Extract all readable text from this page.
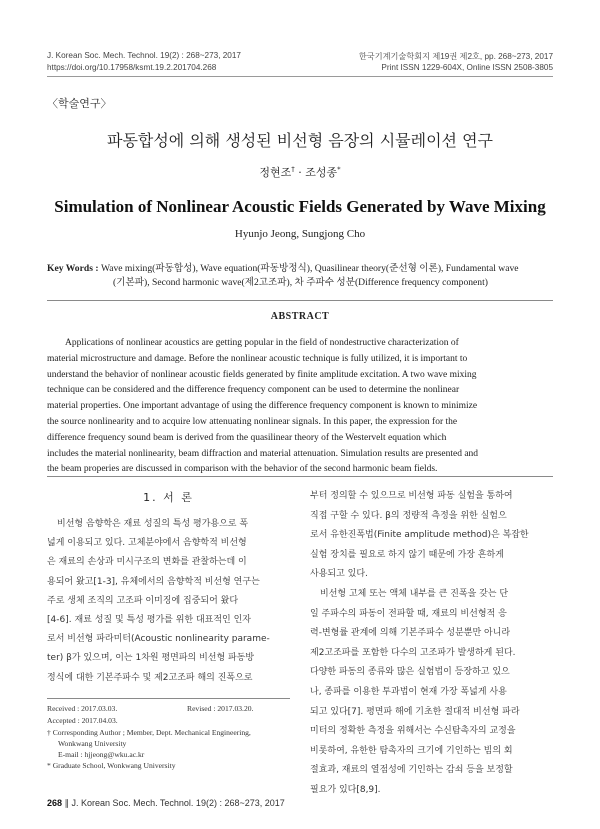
J. Korean Soc. Mech. Technol. 19(2) : 268~273, 2017
https://doi.org/10.17958/ksmt.19.2.201704.268
한국기계기술학회지 제19권 제2호, pp. 268~273, 2017
Print ISSN 1229-604X, Online ISSN 2508-3805
〈학술연구〉
파동합성에 의해 생성된 비선형 음장의 시뮬레이션 연구
정현조† · 조성종*
Simulation of Nonlinear Acoustic Fields Generated by Wave Mixing
Hyunjo Jeong, Sungjong Cho
Key Words : Wave mixing(파동합성), Wave equation(파동방정식), Quasilinear theory(준선형 이론), Fundamental wave
(기본파), Second harmonic wave(제2고조파), 차 주파수 성분(Difference frequency component)
ABSTRACT
Applications of nonlinear acoustics are getting popular in the field of nondestructive characterization of
material microstructure and damage. Before the nonlinear acoustic technique is fully utilized, it is important to
understand the behavior of nonlinear acoustic fields generated by finite amplitude excitation. A two wave mixing
technique can be considered and the difference frequency component can be used to determine the nonlinear
material properties. One important advantage of using the difference frequency component is known to minimize
the source nonlinearity and to acquire low attenuating nonlinear signals. In this paper, the expression for the
difference frequency sound beam is derived from the quasilinear theory of the Westervelt equation which
includes the material nonlinearity, beam diffraction and material attenuation. Simulation results are presented and
the beam properies are discussed in comparison with the behavior of the second harmonic beam fields.
1. 서 론
비선형 음향학은 재료 성질의 특성 평가용으로 폭
넓게 이용되고 있다. 고체분야에서 음향학적 비선형
은 재료의 손상과 미시구조의 변화를 관찰하는데 이
용되어 왔고[1-3], 유체에서의 음향학적 비선형 연구는
주로 생체 조직의 고조파 이미징에 집중되어 왔다
[4-6]. 재료 성질 및 특성 평가를 위한 대표적인 인자
로서 비선형 파라미터(Acoustic nonlinearity parame-
ter) β가 있으며, 이는 1차원 평면파의 비선형 파동방
정식에 대한 기본주파수 및 제2고조파 해의 진폭으로
부터 정의할 수 있으므로 비선형 파동 실험을 통하여
직접 구할 수 있다. β의 정량적 측정을 위한 실험으
로서 유한진폭법(Finite amplitude method)은 복잡한
실험 장치를 필요로 하지 않기 때문에 가장 흔하게
사용되고 있다.
비선형 고체 또는 액체 내부를 큰 진폭을 갖는 단
일 주파수의 파동이 전파할 때, 재료의 비선형적 응
력-변형률 관계에 의해 기본주파수 성분뿐만 아니라
제2고조파를 포함한 다수의 고조파가 발생하게 된다.
다양한 파동의 종류와 많은 실험법이 등장하고 있으
나, 종파를 이용한 투과법이 현재 가장 폭넓게 사용
되고 있다[7]. 평면파 해에 기초한 절대적 비선형 파라
미터의 정확한 측정을 위해서는 수신탐촉자의 교정을
비롯하여, 유한한 탐촉자의 크기에 기인하는 빔의 회
절효과, 재료의 열점성에 기인하는 감쇠 등을 보정할
필요가 있다[8,9].
Received : 2017.03.03.	Revised : 2017.03.20.
Accepted : 2017.04.03.
† Corresponding Author ; Member, Dept. Mechanical Engineering,
Wonkwang University
E-mail : hjjeong@wku.ac.kr
* Graduate School, Wonkwang University
268 ∥ J. Korean Soc. Mech. Technol. 19(2) : 268~273, 2017
